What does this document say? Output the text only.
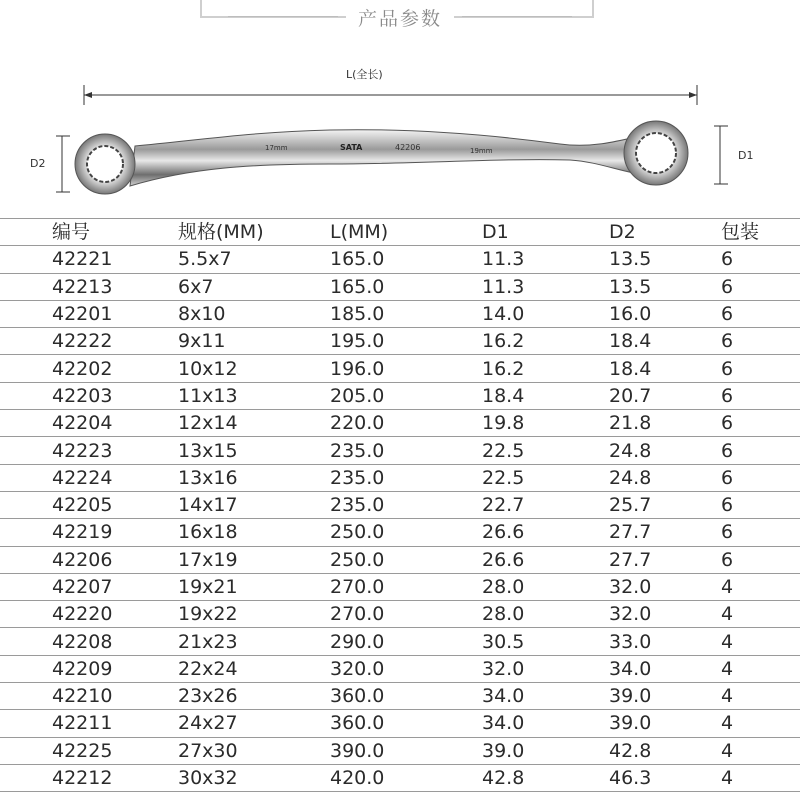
产品参数
17mm	SATA	42206	19mm
L(全长)
D2
D1
编号	规格(MM)	L(MM)	D1	D2	包装
42221	5.5x7	165.0	11.3	13.5	6
42213	6x7	165.0	11.3	13.5	6
42201	8x10	185.0	14.0	16.0	6
42222	9x11	195.0	16.2	18.4	6
42202	10x12	196.0	16.2	18.4	6
42203	11x13	205.0	18.4	20.7	6
42204	12x14	220.0	19.8	21.8	6
42223	13x15	235.0	22.5	24.8	6
42224	13x16	235.0	22.5	24.8	6
42205	14x17	235.0	22.7	25.7	6
42219	16x18	250.0	26.6	27.7	6
42206	17x19	250.0	26.6	27.7	6
42207	19x21	270.0	28.0	32.0	4
42220	19x22	270.0	28.0	32.0	4
42208	21x23	290.0	30.5	33.0	4
42209	22x24	320.0	32.0	34.0	4
42210	23x26	360.0	34.0	39.0	4
42211	24x27	360.0	34.0	39.0	4
42225	27x30	390.0	39.0	42.8	4
42212	30x32	420.0	42.8	46.3	4
